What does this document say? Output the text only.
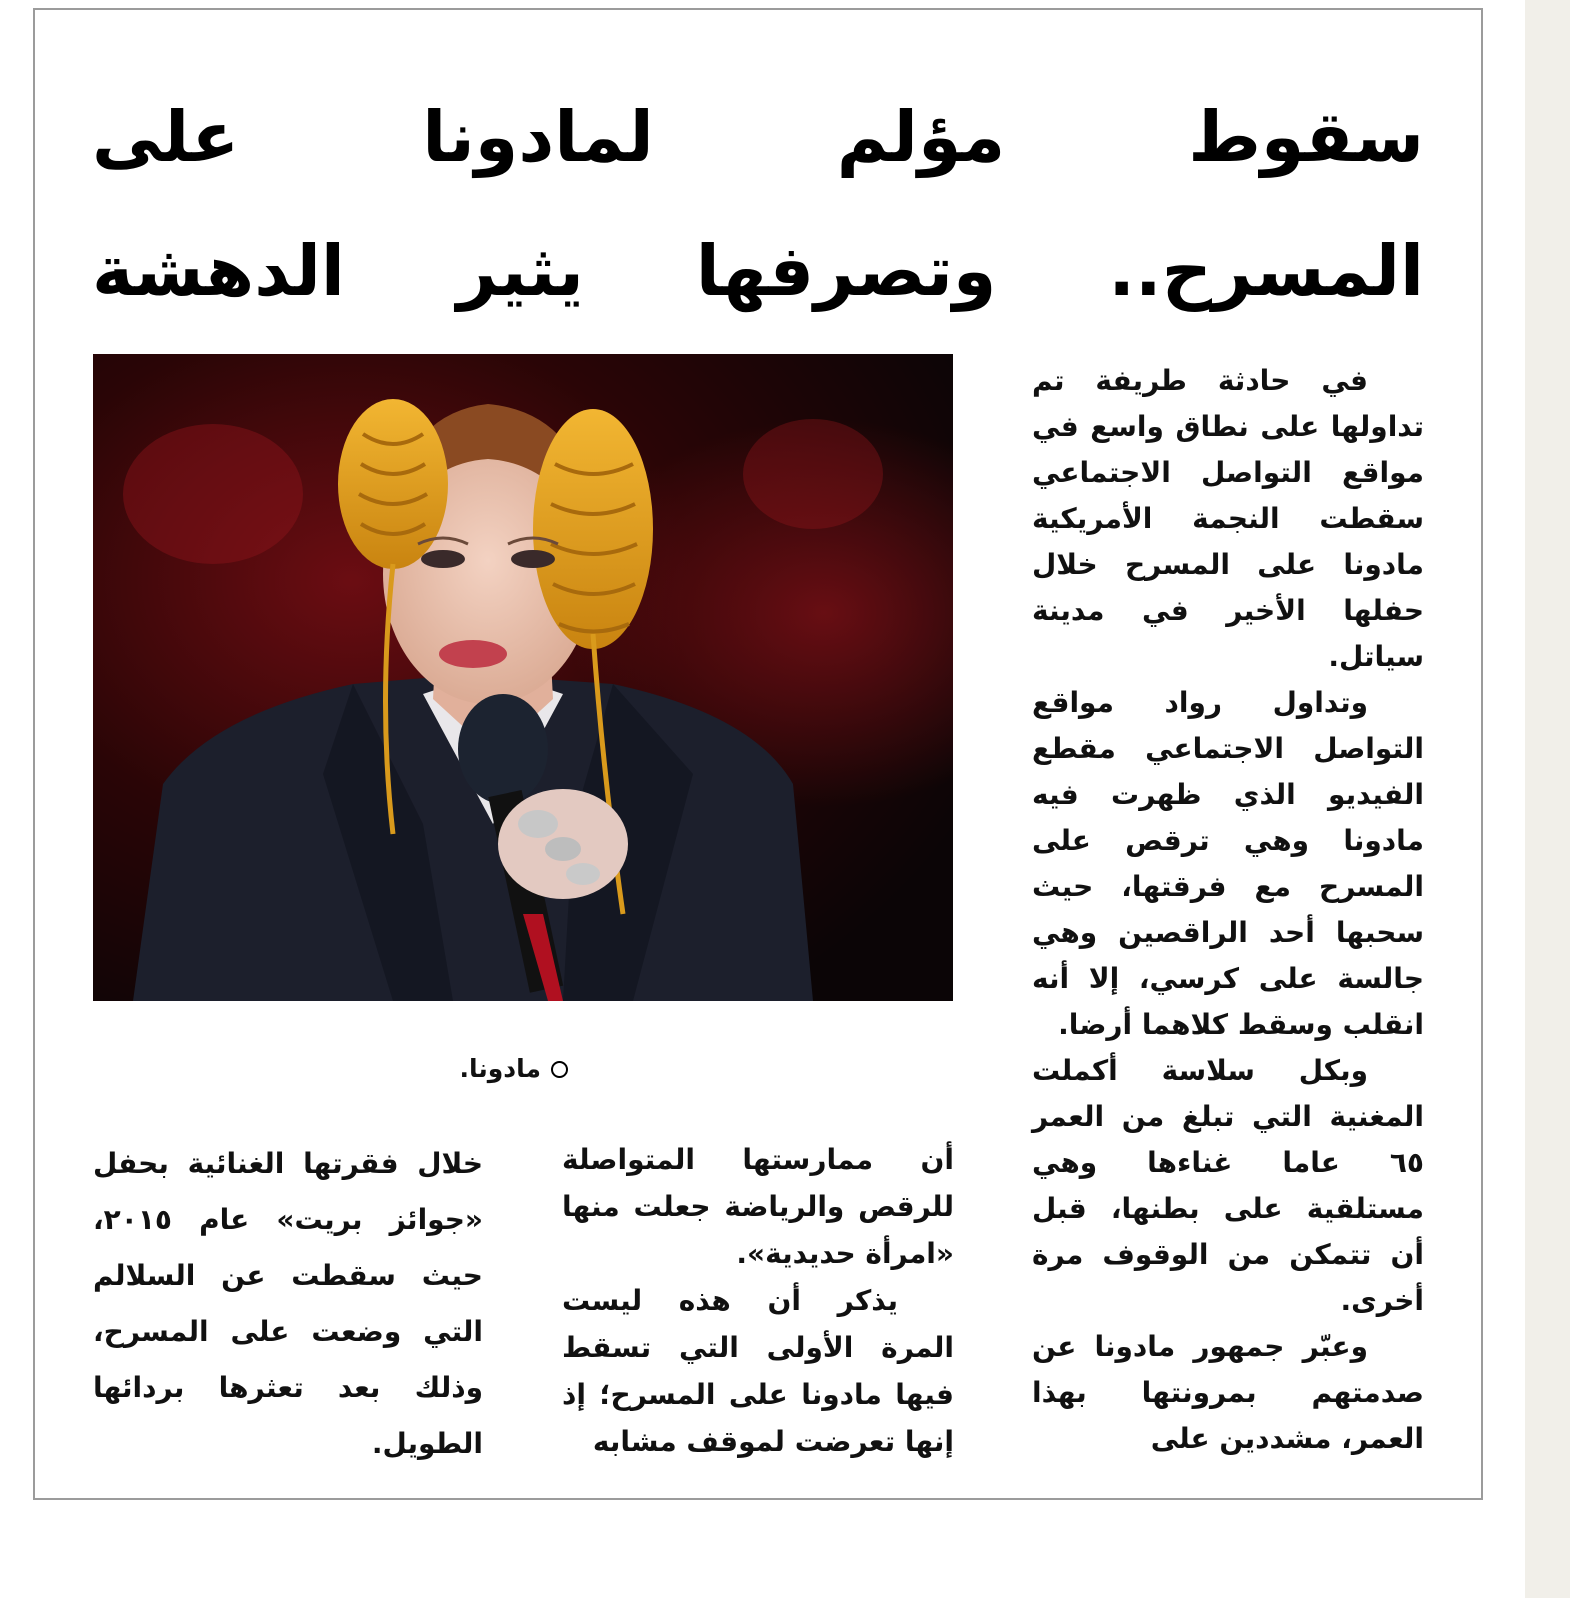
سقوط مؤلم لمادونا على
المسرح.. وتصرفها يثير الدهشة
مادونا.

في حادثة طريفة تم تداولها على نطاق واسع في مواقع التواصل الاجتماعي سقطت النجمة الأمريكية مادونا على المسرح خلال حفلها الأخير في مدينة سياتل.

وتداول رواد مواقع التواصل الاجتماعي مقطع الفيديو الذي ظهرت فيه مادونا وهي ترقص على المسرح مع فرقتها، حيث سحبها أحد الراقصين وهي جالسة على كرسي، إلا أنه انقلب وسقط كلاهما أرضا.

وبكل سلاسة أكملت المغنية التي تبلغ من العمر ٦٥ عاما غناءها وهي مستلقية على بطنها، قبل أن تتمكن من الوقوف مرة أخرى.

وعبّر جمهور مادونا عن صدمتهم بمرونتها بهذا العمر، مشددين على

أن ممارستها المتواصلة للرقص والرياضة جعلت منها «امرأة حديدية».

يذكر أن هذه ليست المرة الأولى التي تسقط فيها مادونا على المسرح؛ إذ إنها تعرضت لموقف مشابه

خلال فقرتها الغنائية بحفل «جوائز بريت» عام ٢٠١٥، حيث سقطت عن السلالم التي وضعت على المسرح، وذلك بعد تعثرها بردائها الطويل.
